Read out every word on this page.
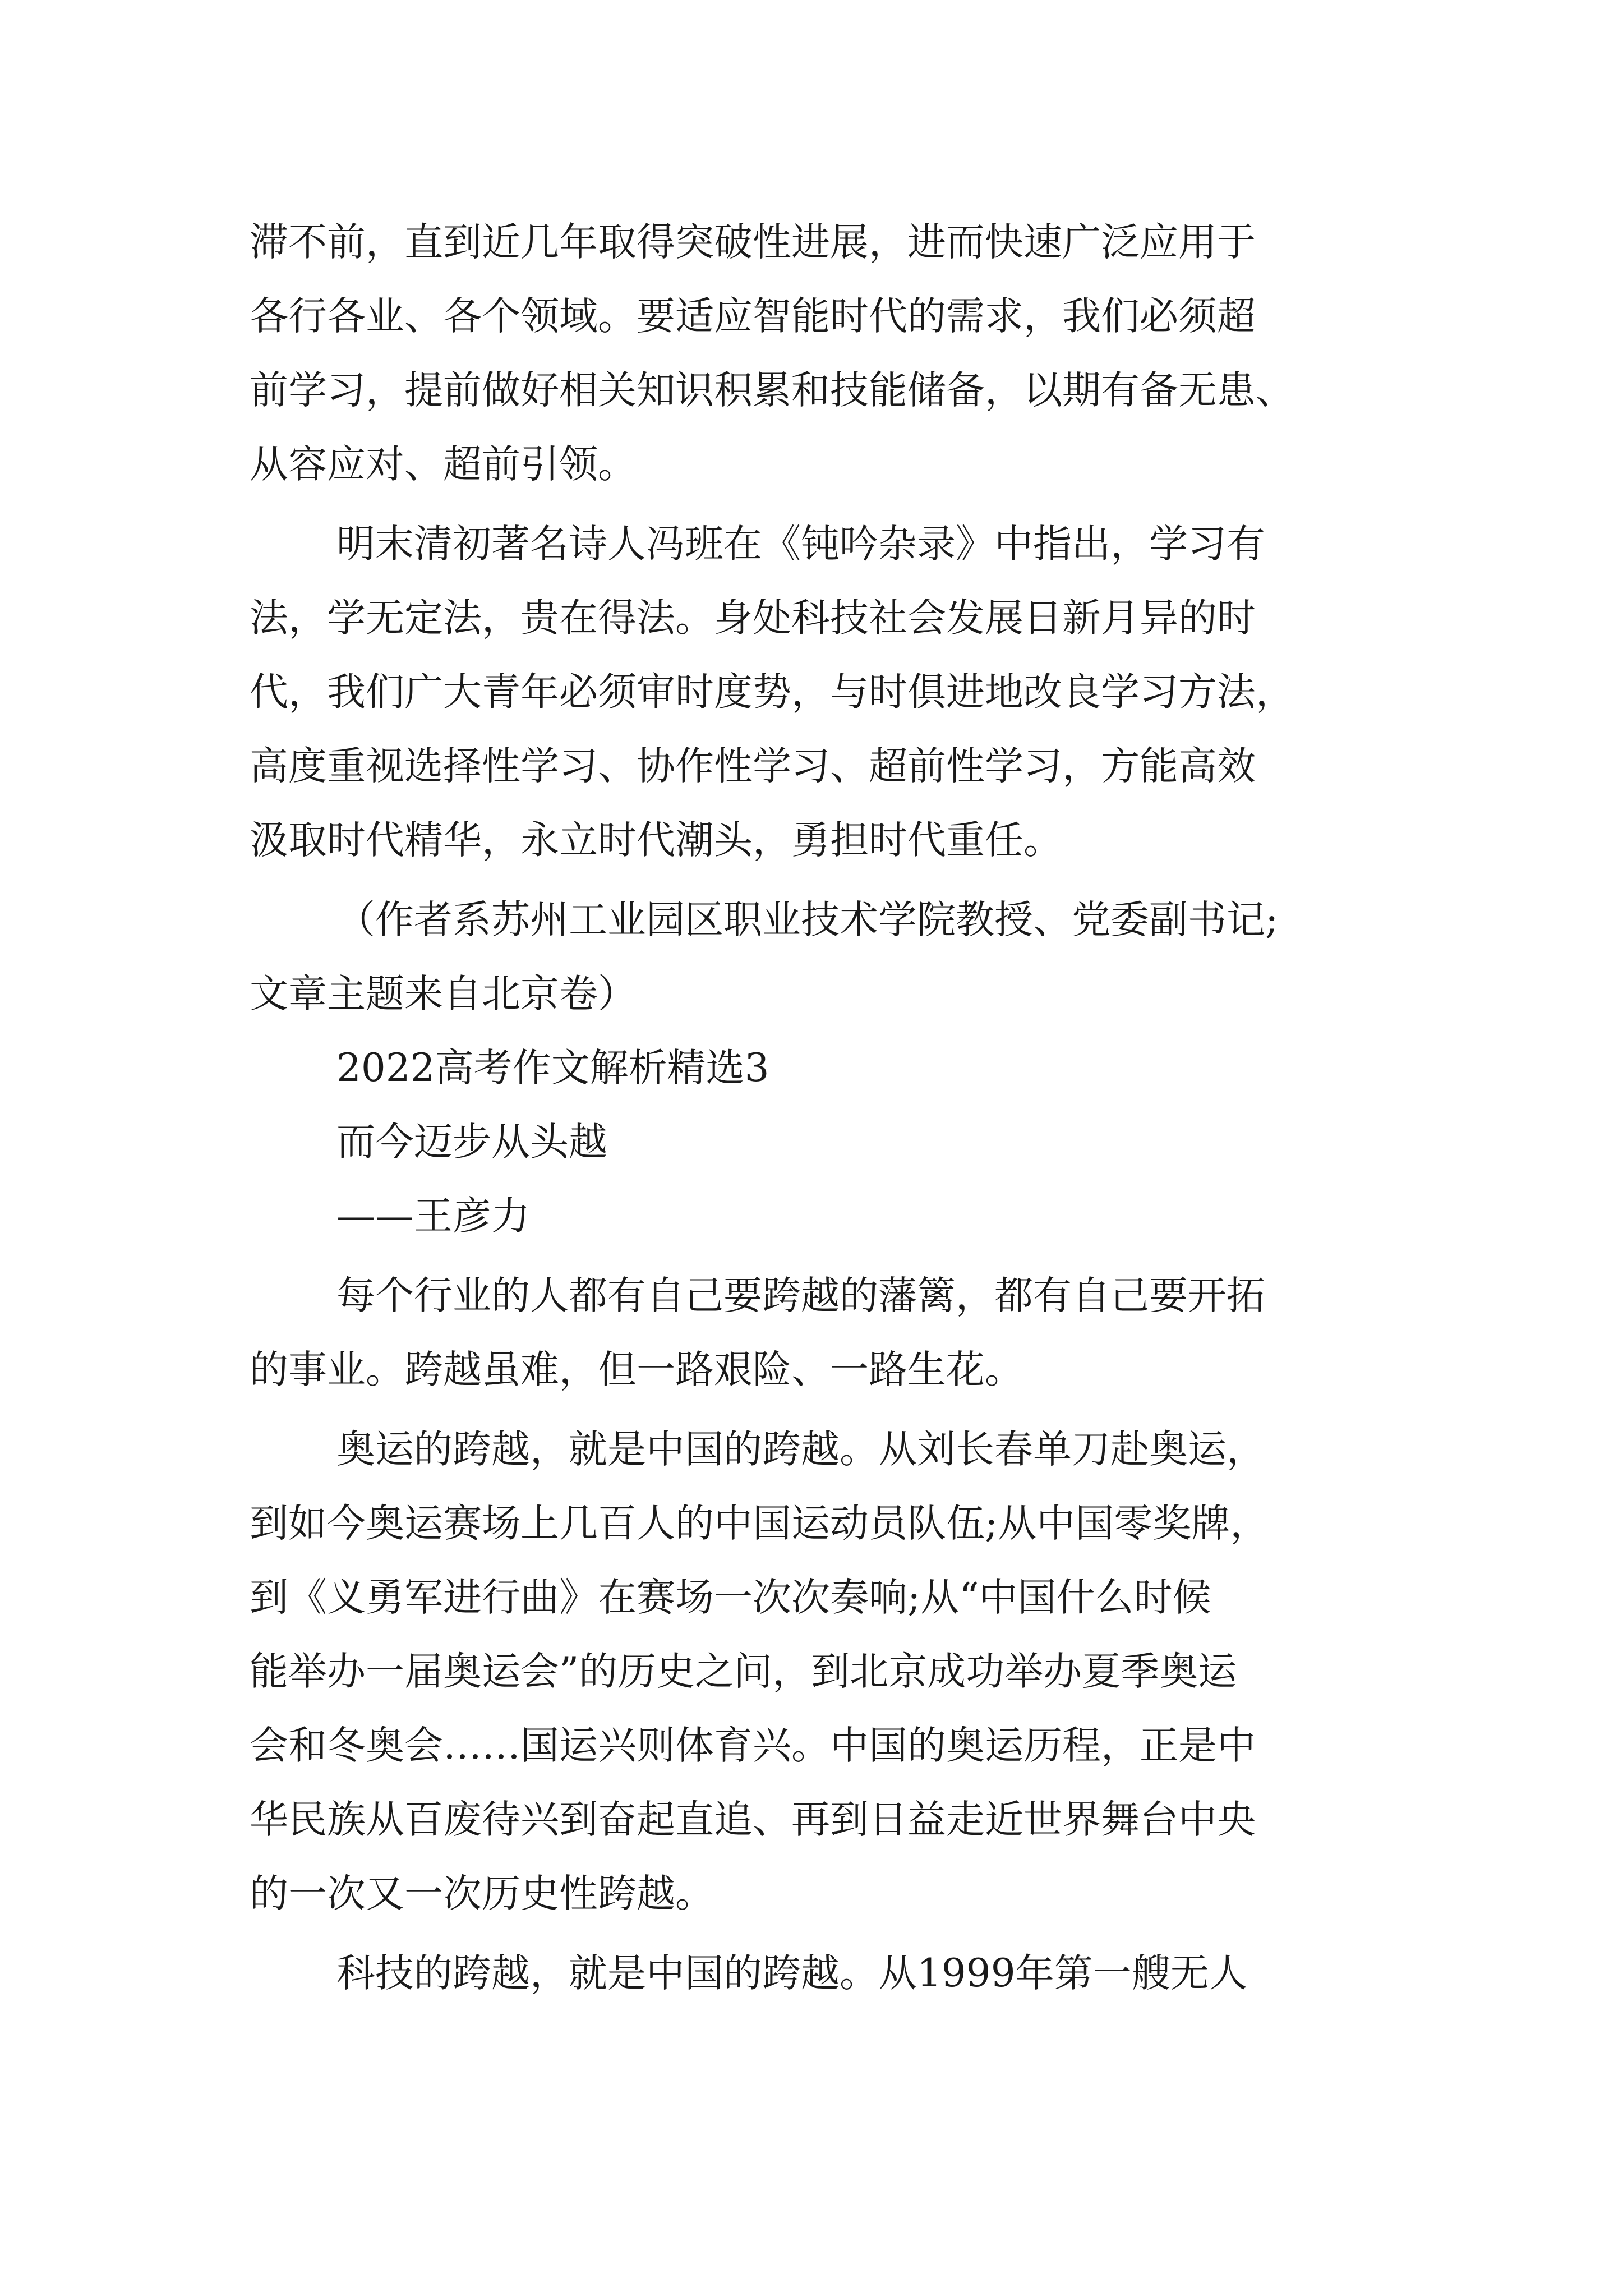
滞不前，直到近几年取得突破性进展，进而快速广泛应用于
各行各业、各个领域。要适应智能时代的需求，我们必须超
前学习，提前做好相关知识积累和技能储备，以期有备无患、
从容应对、超前引领。
明末清初著名诗人冯班在《钝吟杂录》中指出，学习有
法，学无定法，贵在得法。身处科技社会发展日新月异的时
代，我们广大青年必须审时度势，与时俱进地改良学习方法，
高度重视选择性学习、协作性学习、超前性学习，方能高效
汲取时代精华，永立时代潮头，勇担时代重任。
（作者系苏州工业园区职业技术学院教授、党委副书记;
文章主题来自北京卷）
2022高考作文解析精选3
而今迈步从头越
——王彦力
每个行业的人都有自己要跨越的藩篱，都有自己要开拓
的事业。跨越虽难，但一路艰险、一路生花。
奥运的跨越，就是中国的跨越。从刘长春单刀赴奥运，
到如今奥运赛场上几百人的中国运动员队伍;从中国零奖牌，
到《义勇军进行曲》在赛场一次次奏响;从“中国什么时候
能举办一届奥运会”的历史之问，到北京成功举办夏季奥运
会和冬奥会……国运兴则体育兴。中国的奥运历程，正是中
华民族从百废待兴到奋起直追、再到日益走近世界舞台中央
的一次又一次历史性跨越。
科技的跨越，就是中国的跨越。从1999年第一艘无人
